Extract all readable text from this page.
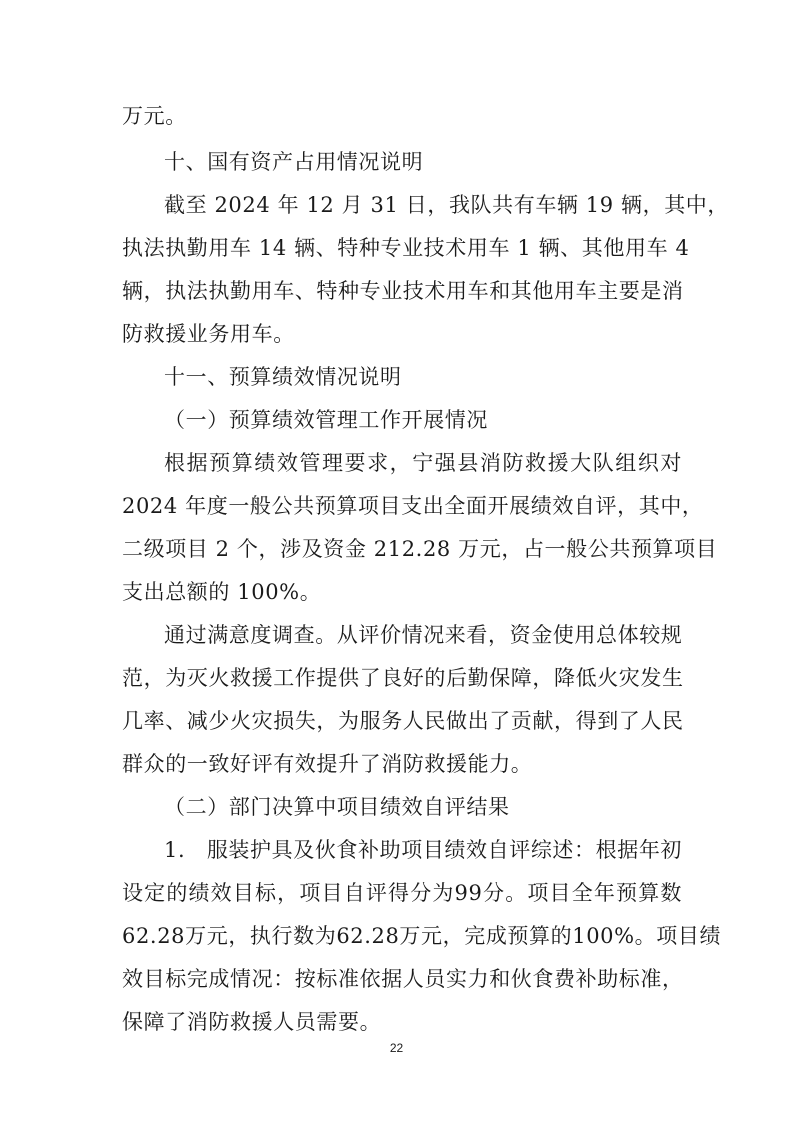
万元。
十、国有资产占用情况说明
截至 2024 年 12 月 31 日，我队共有车辆 19 辆，其中，
执法执勤用车 14 辆、特种专业技术用车 1 辆、其他用车 4
辆，执法执勤用车、特种专业技术用车和其他用车主要是消
防救援业务用车。
十一、预算绩效情况说明
（一）预算绩效管理工作开展情况
根据预算绩效管理要求，宁强县消防救援大队组织对
2024 年度一般公共预算项目支出全面开展绩效自评，其中，
二级项目 2 个，涉及资金 212.28 万元，占一般公共预算项目
支出总额的 100%。
通过满意度调查。从评价情况来看，资金使用总体较规
范，为灭火救援工作提供了良好的后勤保障，降低火灾发生
几率、减少火灾损失，为服务人民做出了贡献，得到了人民
群众的一致好评有效提升了消防救援能力。
（二）部门决算中项目绩效自评结果
1.　服装护具及伙食补助项目绩效自评综述：根据年初
设定的绩效目标，项目自评得分为99分。项目全年预算数
62.28万元，执行数为62.28万元，完成预算的100%。项目绩
效目标完成情况：按标准依据人员实力和伙食费补助标准，
保障了消防救援人员需要。
22
